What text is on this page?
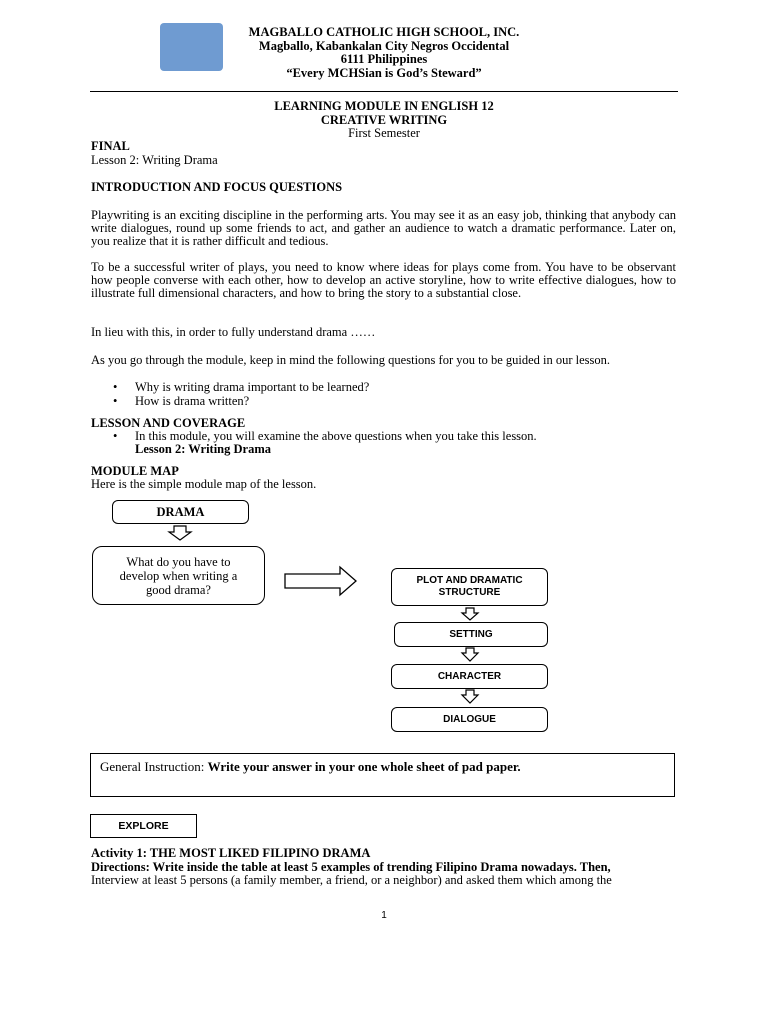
MAGBALLO CATHOLIC HIGH SCHOOL, INC.
Magballo, Kabankalan City Negros Occidental
6111 Philippines
“Every MCHSian is God’s Steward”
LEARNING MODULE IN ENGLISH 12
CREATIVE WRITING
First Semester
FINAL
Lesson 2: Writing Drama
INTRODUCTION AND FOCUS QUESTIONS
Playwriting is an exciting discipline in the performing arts. You may see it as an easy job, thinking that anybody can write dialogues, round up some friends to act, and gather an audience to watch a dramatic performance. Later on, you realize that it is rather difficult and tedious.
To be a successful writer of plays, you need to know where ideas for plays come from. You have to be observant how people converse with each other, how to develop an active storyline, how to write effective dialogues, how to illustrate full dimensional characters, and how to bring the story to a substantial close.
In lieu with this, in order to fully understand drama ……
As you go through the module, keep in mind the following questions for you to be guided in our lesson.
• Why is writing drama important to be learned?
• How is drama written?
LESSON AND COVERAGE
• In this module, you will examine the above questions when you take this lesson.
Lesson 2: Writing Drama
MODULE MAP
Here is the simple module map of the lesson.
DRAMA
What do you have to
develop when writing a
good drama?
PLOT AND DRAMATIC
STRUCTURE
SETTING
CHARACTER
DIALOGUE
General Instruction: Write your answer in your one whole sheet of pad paper.
EXPLORE
Activity 1: THE MOST LIKED FILIPINO DRAMA
Directions: Write inside the table at least 5 examples of trending Filipino Drama nowadays. Then,
Interview at least 5 persons (a family member, a friend, or a neighbor) and asked them which among the
1
